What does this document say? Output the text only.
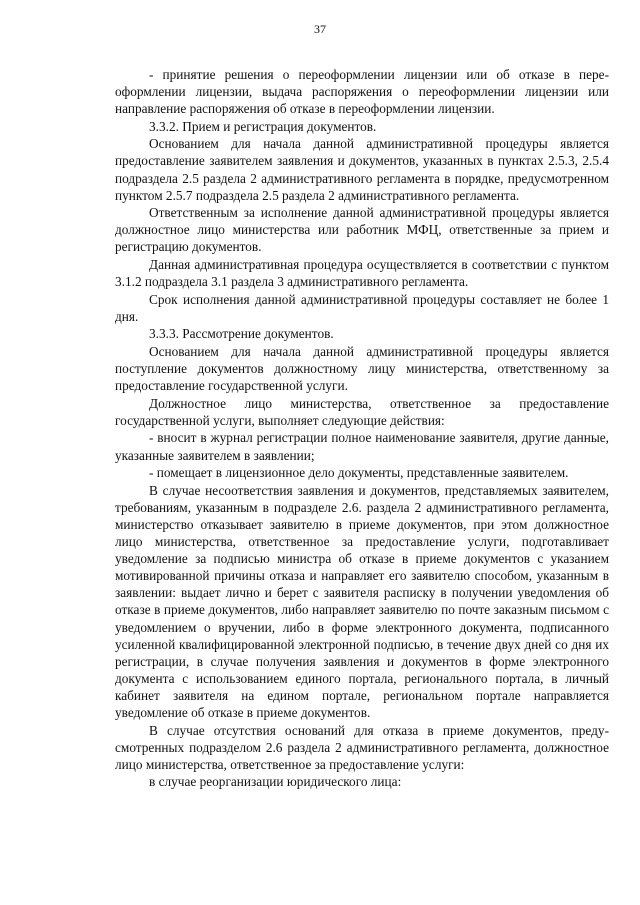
37

- принятие решения о переоформлении лицензии или об отказе в переоформлении лицензии, выдача распоряжения о переоформлении лицензии или направление распоряжения об отказе в переоформлении лицензии.

3.3.2. Прием и регистрация документов.

Основанием для начала данной административной процедуры является предоставление заявителем заявления и документов, указанных в пунктах 2.5.3, 2.5.4 подраздела 2.5 раздела 2 административного регламента в порядке, предусмотренном пунктом 2.5.7 подраздела 2.5 раздела 2 административного регламента.

Ответственным за исполнение данной административной процедуры является должностное лицо министерства или работник МФЦ, ответственные за прием и регистрацию документов.

Данная административная процедура осуществляется в соответствии с пунктом 3.1.2 подраздела 3.1 раздела 3 административного регламента.

Срок исполнения данной административной процедуры составляет не более 1 дня.

3.3.3. Рассмотрение документов.

Основанием для начала данной административной процедуры является поступление документов должностному лицу министерства, ответственному за предоставление государственной услуги.

Должностное лицо министерства, ответственное за предоставление государственной услуги, выполняет следующие действия:

- вносит в журнал регистрации полное наименование заявителя, другие данные, указанные заявителем в заявлении;

- помещает в лицензионное дело документы, представленные заявителем.

В случае несоответствия заявления и документов, представляемых заявителем, требованиям, указанным в подразделе 2.6. раздела 2 административного регламента, министерство отказывает заявителю в приеме документов, при этом должностное лицо министерства, ответственное за предоставление услуги, подготавливает уведомление за подписью министра об отказе в приеме документов с указанием мотивированной причины отказа и направляет его заявителю способом, указанным в заявлении: выдает лично и берет с заявителя расписку в получении уведомления об отказе в приеме документов, либо направляет заявителю по почте заказным письмом с уведомлением о вручении, либо в форме электронного документа, подписанного усиленной квалифицированной электронной подписью, в течение двух дней со дня их регистрации, в случае получения заявления и документов в форме электронного документа с использованием единого портала, регионального портала, в личный кабинет заявителя на едином портале, региональном портале направляется уведомление об отказе в приеме документов.

В случае отсутствия оснований для отказа в приеме документов, предусмотренных подразделом 2.6 раздела 2 административного регламента, должностное лицо министерства, ответственное за предоставление услуги:

в случае реорганизации юридического лица:
